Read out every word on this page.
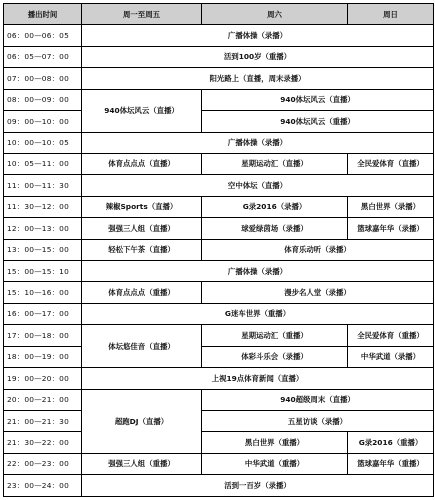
播出时间	周一至周五	周六	周日
06：00—06：05	广播体操（录播）		
06：05—07：00	活到100岁（重播）		
07：00—08：00	阳光路上（直播，周末录播）		
08：00—09：00	940体坛风云（直播）	940体坛风云（直播）	
09：00—10：00		940体坛风云（重播）	
10：00—10：05	广播体操（录播）		
10：05—11：00	体育点点点（直播）	星期运动汇（直播）	全民爱体育（直播）
11：00—11：30	空中体坛（直播）		
11：30—12：00	辣椒Sports（直播）	G录2016（录播）	黑白世界（录播）
12：00—13：00	强强三人组（直播）	球爱绿茵场（录播）	篮球嘉年华（录播）
13：00—15：00	轻松下午茶（直播）	体育乐动听（录播）	
15：00—15：10	广播体操（录播）		
15：10—16：00	体育点点点（重播）	漫步名人堂（录播）	
16：00—17：00	G迷车世界（重播）		
17：00—18：00	体坛悠佳音（直播）	星期运动汇（重播）	全民爱体育（重播）
18：00—19：00		体彩斗乐会（录播）	中华武道（录播）
19：00—20：00	上视19点体育新闻（直播）		
20：00—21：00	超跑DJ（直播）	940超级周末（直播）	
21：00—21：30		五星访谈（录播）	
21：30—22：00		黑白世界（重播）	G录2016（重播）
22：00—23：00	强强三人组（重播）	中华武道（重播）	篮球嘉年华（重播）
23：00—24：00	活到一百岁（录播）		
